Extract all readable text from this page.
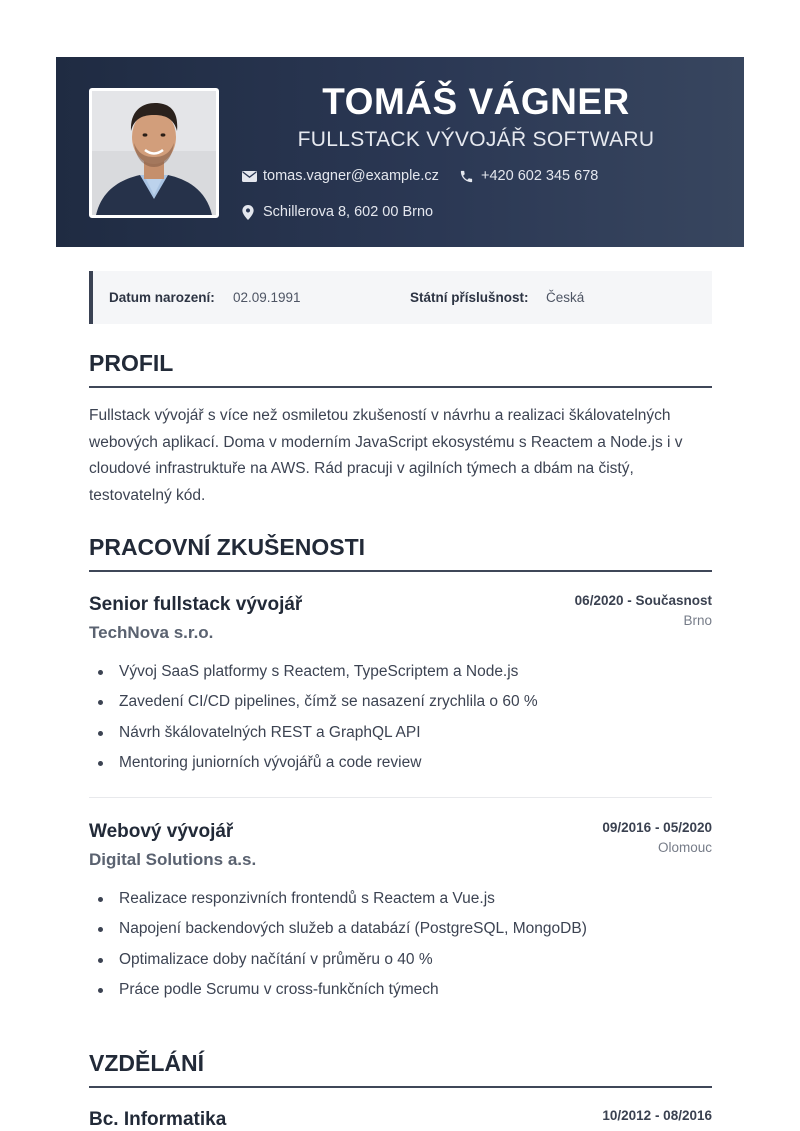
TOMÁŠ VÁGNER
FULLSTACK VÝVOJÁŘ SOFTWARU
tomas.vagner@example.cz	+420 602 345 678
Schillerova 8, 602 00 Brno
Datum narození: 02.09.1991	Státní příslušnost: Česká
PROFIL
Fullstack vývojář s více než osmiletou zkušeností v návrhu a realizaci škálovatelných webových aplikací. Doma v moderním JavaScript ekosystému s Reactem a Node.js i v cloudové infrastruktuře na AWS. Rád pracuji v agilních týmech a dbám na čistý, testovatelný kód.
PRACOVNÍ ZKUŠENOSTI
Senior fullstack vývojář	06/2020 - Současnost
TechNova s.r.o.
Brno
Vývoj SaaS platformy s Reactem, TypeScriptem a Node.js
Zavedení CI/CD pipelines, čímž se nasazení zrychlila o 60 %
Návrh škálovatelných REST a GraphQL API
Mentoring juniorních vývojářů a code review
Webový vývojář	09/2016 - 05/2020
Digital Solutions a.s.
Olomouc
Realizace responzivních frontendů s Reactem a Vue.js
Napojení backendových služeb a databází (PostgreSQL, MongoDB)
Optimalizace doby načítání v průměru o 40 %
Práce podle Scrumu v cross-funkčních týmech
VZDĚLÁNÍ
Bc. Informatika	10/2012 - 08/2016
